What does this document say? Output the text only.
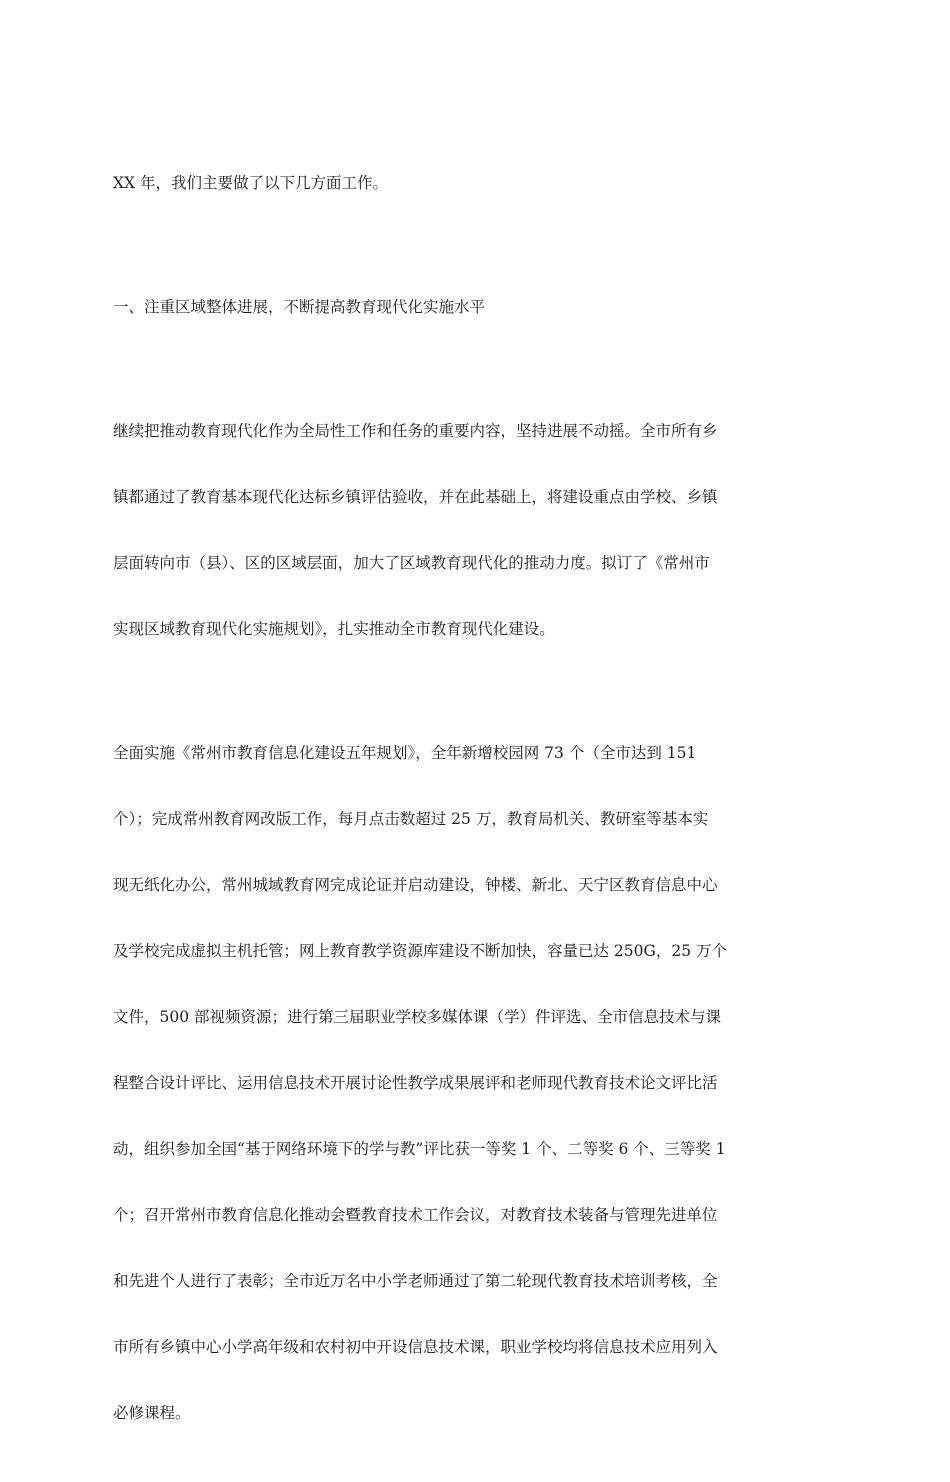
XX 年，我们主要做了以下几方面工作。

一、注重区域整体进展，不断提高教育现代化实施水平

继续把推动教育现代化作为全局性工作和任务的重要内容，坚持进展不动摇。全市所有乡

镇都通过了教育基本现代化达标乡镇评估验收，并在此基础上，将建设重点由学校、乡镇

层面转向市（县）、区的区域层面，加大了区域教育现代化的推动力度。拟订了《常州市

实现区域教育现代化实施规划》，扎实推动全市教育现代化建设。

全面实施《常州市教育信息化建设五年规划》，全年新增校园网 73 个（全市达到 151

个）；完成常州教育网改版工作，每月点击数超过 25 万，教育局机关、教研室等基本实

现无纸化办公，常州城域教育网完成论证并启动建设，钟楼、新北、天宁区教育信息中心

及学校完成虚拟主机托管；网上教育教学资源库建设不断加快，容量已达 250G，25 万个

文件，500 部视频资源；进行第三届职业学校多媒体课（学）件评选、全市信息技术与课

程整合设计评比、运用信息技术开展讨论性教学成果展评和老师现代教育技术论文评比活

动，组织参加全国“基于网络环境下的学与教”评比获一等奖 1 个、二等奖 6 个、三等奖 1

个；召开常州市教育信息化推动会暨教育技术工作会议，对教育技术装备与管理先进单位

和先进个人进行了表彰；全市近万名中小学老师通过了第二轮现代教育技术培训考核，全

市所有乡镇中心小学高年级和农村初中开设信息技术课，职业学校均将信息技术应用列入

必修课程。
